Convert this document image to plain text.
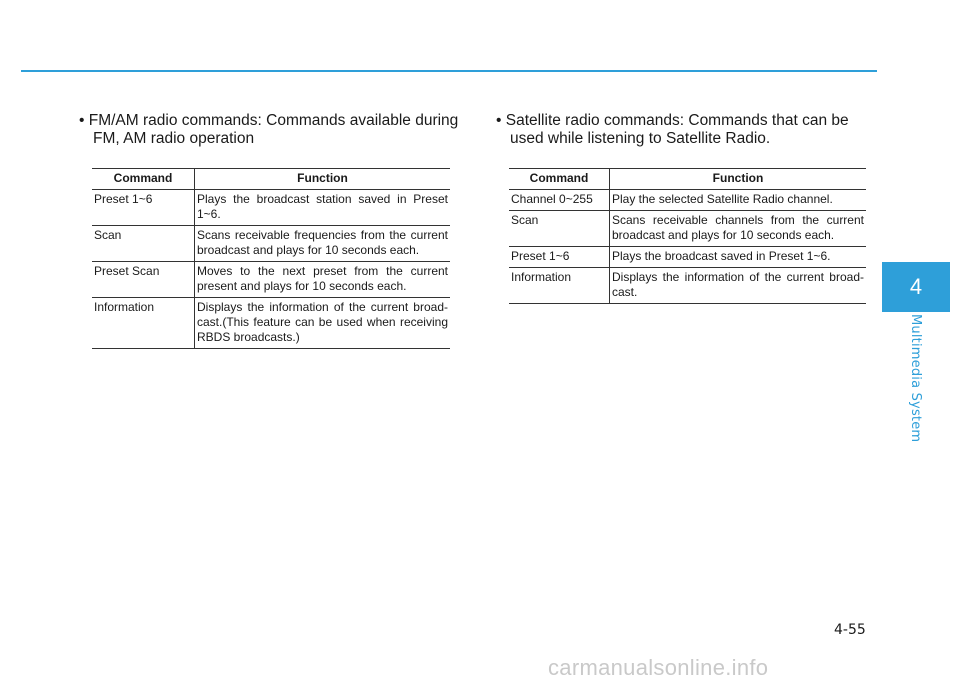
• FM/AM radio commands: Commands available during
FM, AM radio operation
Command	Function
Preset 1~6	Plays the broadcast station saved in Preset 1~6.
Scan	Scans receivable frequencies from the current broadcast and plays for 10 seconds each.
Preset Scan	Moves to the next preset from the current present and plays for 10 seconds each.
Information	Displays the information of the current broad-cast.(This feature can be used when receiving RBDS broadcasts.)
• Satellite radio commands: Commands that can be
used while listening to Satellite Radio.
Command	Function
Channel 0~255	Play the selected Satellite Radio channel.
Scan	Scans receivable channels from the current broadcast and plays for 10 seconds each.
Preset 1~6	Plays the broadcast saved in Preset 1~6.
Information	Displays the information of the current broad-cast.	4
Multimedia System
4-55
carmanualsonline.info
